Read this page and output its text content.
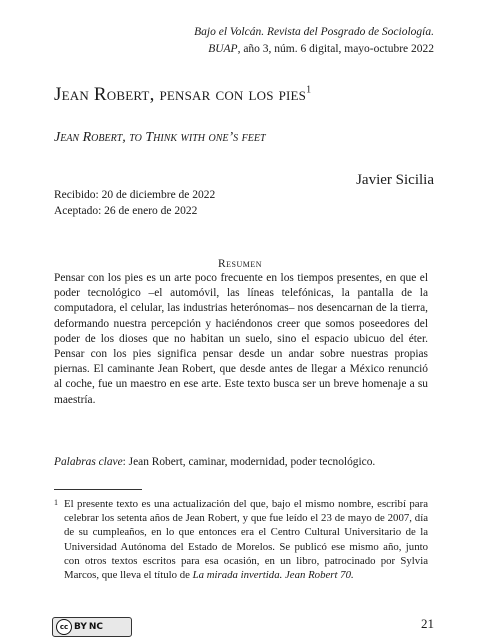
Bajo el Volcán. Revista del Posgrado de Sociología.
BUAP, año 3, núm. 6 digital, mayo-octubre 2022
Jean Robert, pensar con los pies$^1$
Jean Robert, to Think with one’s feet
Javier Sicilia
Recibido: 20 de diciembre de 2022
Aceptado: 26 de enero de 2022
Resumen
Pensar con los pies es un arte poco frecuente en los tiempos presentes, en que el poder tecnológico –el automóvil, las líneas telefónicas, la pantalla de la computadora, el celular, las industrias heterónomas– nos desencarnan de la tierra, deformando nuestra percepción y haciéndonos creer que somos poseedores del poder de los dioses que no habitan un suelo, sino el espacio ubicuo del éter. Pensar con los pies significa pensar desde un andar sobre nuestras propias piernas. El caminante Jean Robert, que desde antes de llegar a México renunció al coche, fue un maestro en ese arte. Este texto busca ser un breve homenaje a su maestría.
Palabras clave: Jean Robert, caminar, modernidad, poder tecnológico.
1 El presente texto es una actualización del que, bajo el mismo nombre, escribí para celebrar los setenta años de Jean Robert, y que fue leído el 23 de mayo de 2007, día de su cumpleaños, en lo que entonces era el Centro Cultural Universitario de la Universidad Autónoma del Estado de Morelos. Se publicó ese mismo año, junto con otros textos escritos para esa ocasión, en un libro, patrocinado por Sylvia Marcos, que lleva el título de La mirada invertida. Jean Robert 70.
cc BY NC	21
